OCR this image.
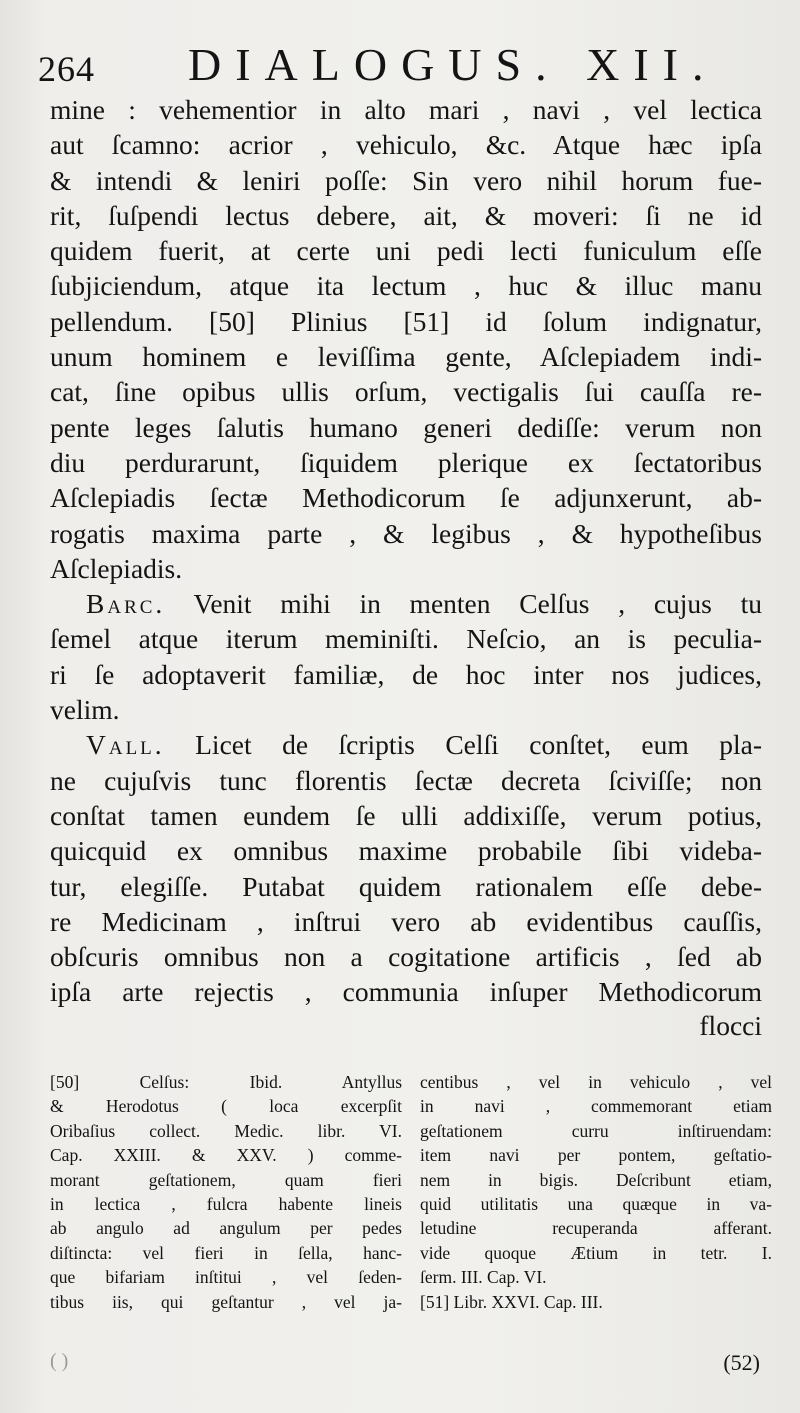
264 DIALOGUS. XII.

mine : vehementior in alto mari , navi , vel lectica
aut ſcamno: acrior , vehiculo, &c. Atque hæc ipſa
& intendi & leniri poſſe: Sin vero nihil horum fue-
rit, ſuſpendi lectus debere, ait, & moveri: ſi ne id
quidem fuerit, at certe uni pedi lecti funiculum eſſe
ſubjiciendum, atque ita lectum , huc & illuc manu
pellendum. [50] Plinius [51] id ſolum indignatur,
unum hominem e leviſſima gente, Aſclepiadem indi-
cat, ſine opibus ullis orſum, vectigalis ſui cauſſa re-
pente leges ſalutis humano generi dediſſe: verum non
diu perdurarunt, ſiquidem plerique ex ſectatoribus
Aſclepiadis ſectæ Methodicorum ſe adjunxerunt, ab-
rogatis maxima parte , & legibus , & hypotheſibus
Aſclepiadis.

Barc. Venit mihi in menten Celſus , cujus tu
ſemel atque iterum meminiſti. Neſcio, an is peculia-
ri ſe adoptaverit familiæ, de hoc inter nos judices,
velim.

Vall. Licet de ſcriptis Celſi conſtet, eum pla-
ne cujuſvis tunc florentis ſectæ decreta ſciviſſe; non
conſtat tamen eundem ſe ulli addixiſſe, verum potius,
quicquid ex omnibus maxime probabile ſibi videba-
tur, elegiſſe. Putabat quidem rationalem eſſe debe-
re Medicinam , inſtrui vero ab evidentibus cauſſis,
obſcuris omnibus non a cogitatione artificis , ſed ab
ipſa arte rejectis , communia inſuper Methodicorum

flocci
[50] Celſus: Ibid. Antyllus
& Herodotus ( loca excerpſit
Oribaſius collect. Medic. libr. VI.
Cap. XXIII. & XXV. ) comme-
morant geſtationem, quam fieri
in lectica , fulcra habente lineis
ab angulo ad angulum per pedes
diſtincta: vel fieri in ſella, hanc-
que bifariam inſtitui , vel ſeden-
tibus iis, qui geſtantur , vel ja-
centibus , vel in vehiculo , vel
in navi , commemorant etiam
geſtationem curru inſtiruendam:
item navi per pontem, geſtatio-
nem in bigis. Deſcribunt etiam,
quid utilitatis una quæque in va-
letudine recuperanda afferant.
vide quoque Ætium in tetr. I.
ſerm. III. Cap. VI.
[51] Libr. XXVI. Cap. III.
( )	(52)
